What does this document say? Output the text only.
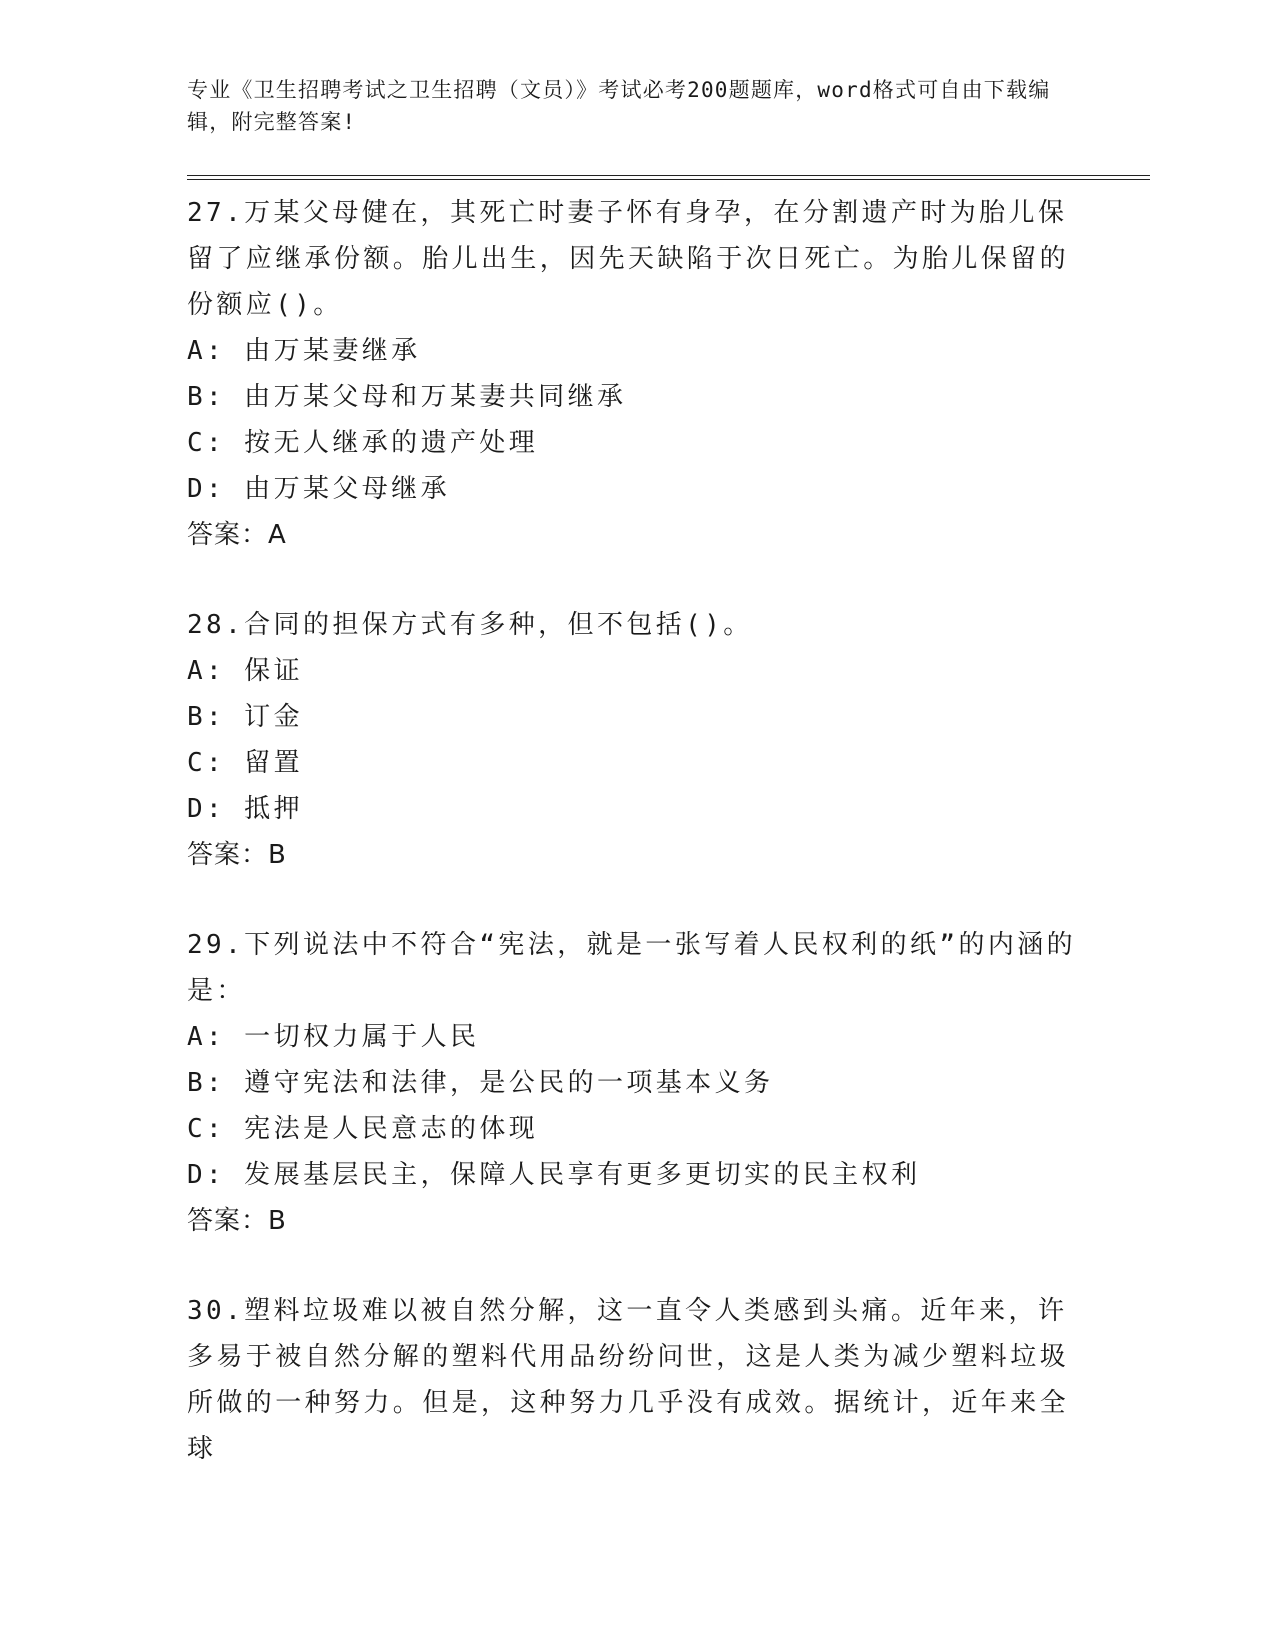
专业《卫生招聘考试之卫生招聘（文员）》考试必考200题题库，word格式可自由下载编辑，附完整答案!

27.万某父母健在，其死亡时妻子怀有身孕，在分割遗产时为胎儿保留了应继承份额。胎儿出生，因先天缺陷于次日死亡。为胎儿保留的份额应()。

A: 由万某妻继承

B: 由万某父母和万某妻共同继承

C: 按无人继承的遗产处理

D: 由万某父母继承

答案：A

28.合同的担保方式有多种，但不包括()。

A: 保证

B: 订金

C: 留置

D: 抵押

答案：B

29.下列说法中不符合“宪法，就是一张写着人民权利的纸”的内涵的是：

A: 一切权力属于人民

B: 遵守宪法和法律，是公民的一项基本义务

C: 宪法是人民意志的体现

D: 发展基层民主，保障人民享有更多更切实的民主权利

答案：B

30.塑料垃圾难以被自然分解，这一直令人类感到头痛。近年来，许多易于被自然分解的塑料代用品纷纷问世，这是人类为减少塑料垃圾所做的一种努力。但是，这种努力几乎没有成效。据统计，近年来全球
